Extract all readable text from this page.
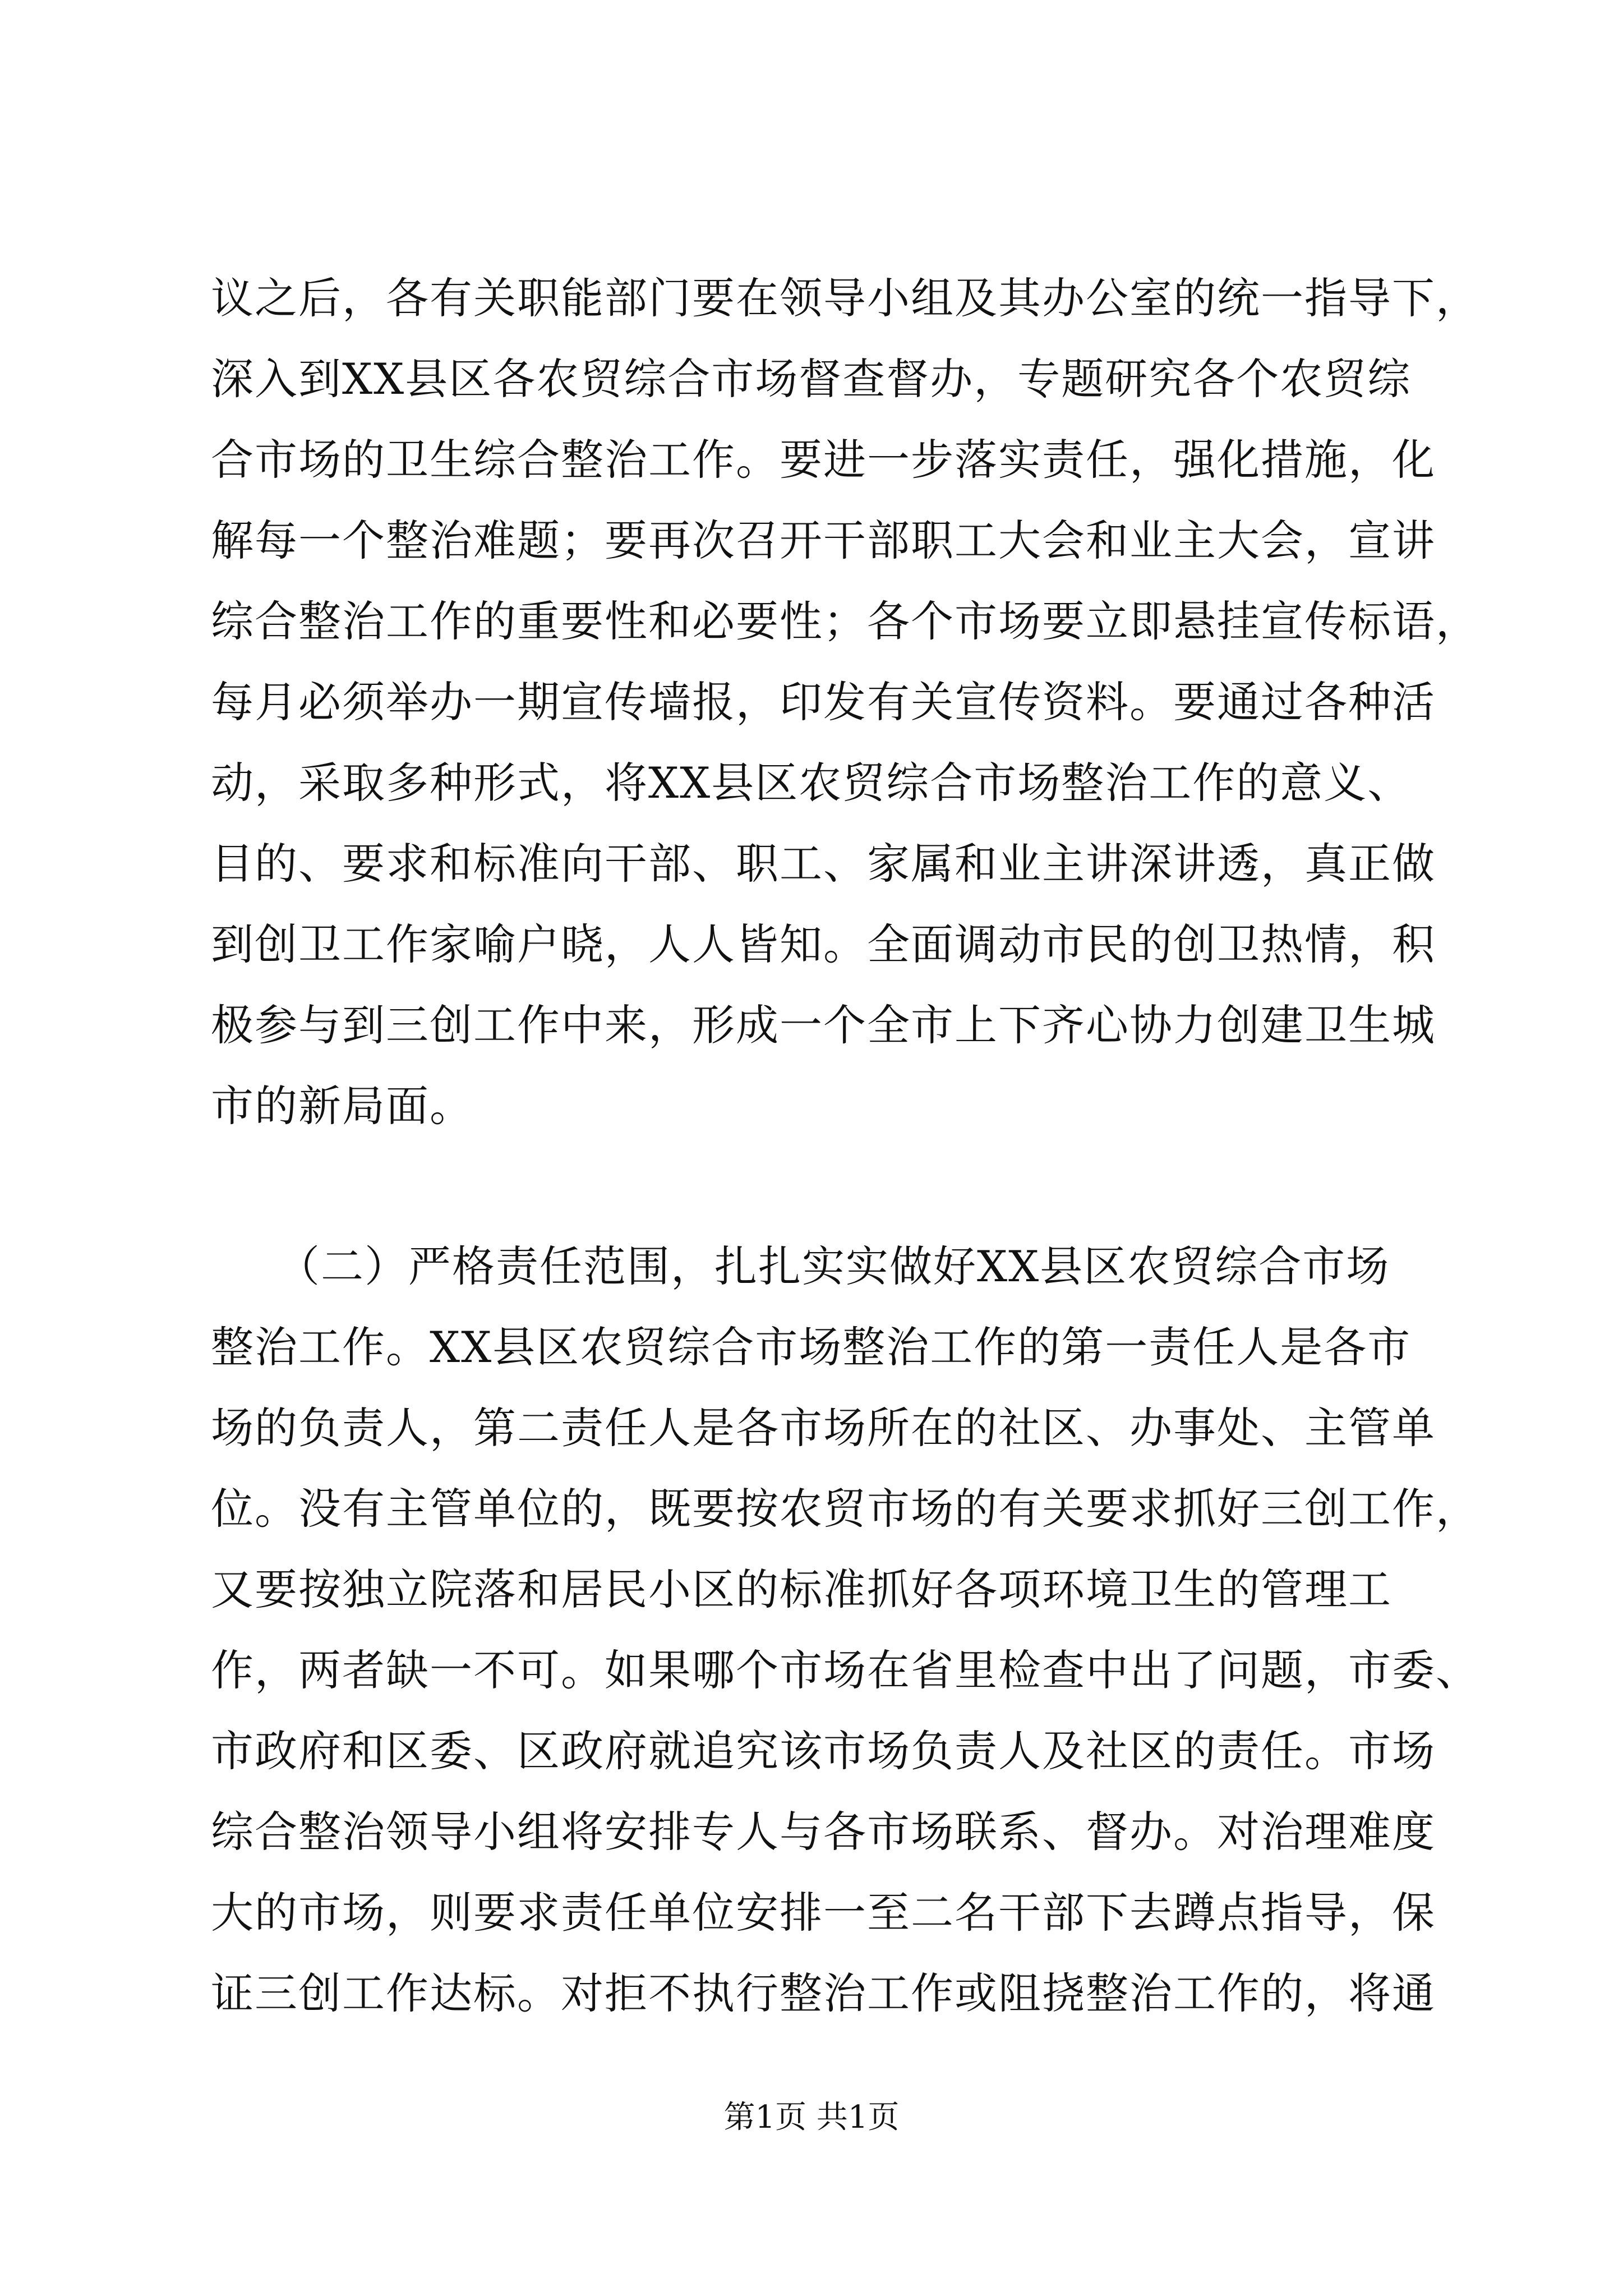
议之后，各有关职能部门要在领导小组及其办公室的统一指导下，
深入到XX县区各农贸综合市场督查督办，专题研究各个农贸综
合市场的卫生综合整治工作。要进一步落实责任，强化措施，化
解每一个整治难题；要再次召开干部职工大会和业主大会，宣讲
综合整治工作的重要性和必要性；各个市场要立即悬挂宣传标语，
每月必须举办一期宣传墙报，印发有关宣传资料。要通过各种活
动，采取多种形式，将XX县区农贸综合市场整治工作的意义、
目的、要求和标准向干部、职工、家属和业主讲深讲透，真正做
到创卫工作家喻户晓，人人皆知。全面调动市民的创卫热情，积
极参与到三创工作中来，形成一个全市上下齐心协力创建卫生城
市的新局面。
　　（二）严格责任范围，扎扎实实做好XX县区农贸综合市场
整治工作。XX县区农贸综合市场整治工作的第一责任人是各市
场的负责人，第二责任人是各市场所在的社区、办事处、主管单
位。没有主管单位的，既要按农贸市场的有关要求抓好三创工作，
又要按独立院落和居民小区的标准抓好各项环境卫生的管理工
作，两者缺一不可。如果哪个市场在省里检查中出了问题，市委、
市政府和区委、区政府就追究该市场负责人及社区的责任。市场
综合整治领导小组将安排专人与各市场联系、督办。对治理难度
大的市场，则要求责任单位安排一至二名干部下去蹲点指导，保
证三创工作达标。对拒不执行整治工作或阻挠整治工作的，将通
第1页 共1页
